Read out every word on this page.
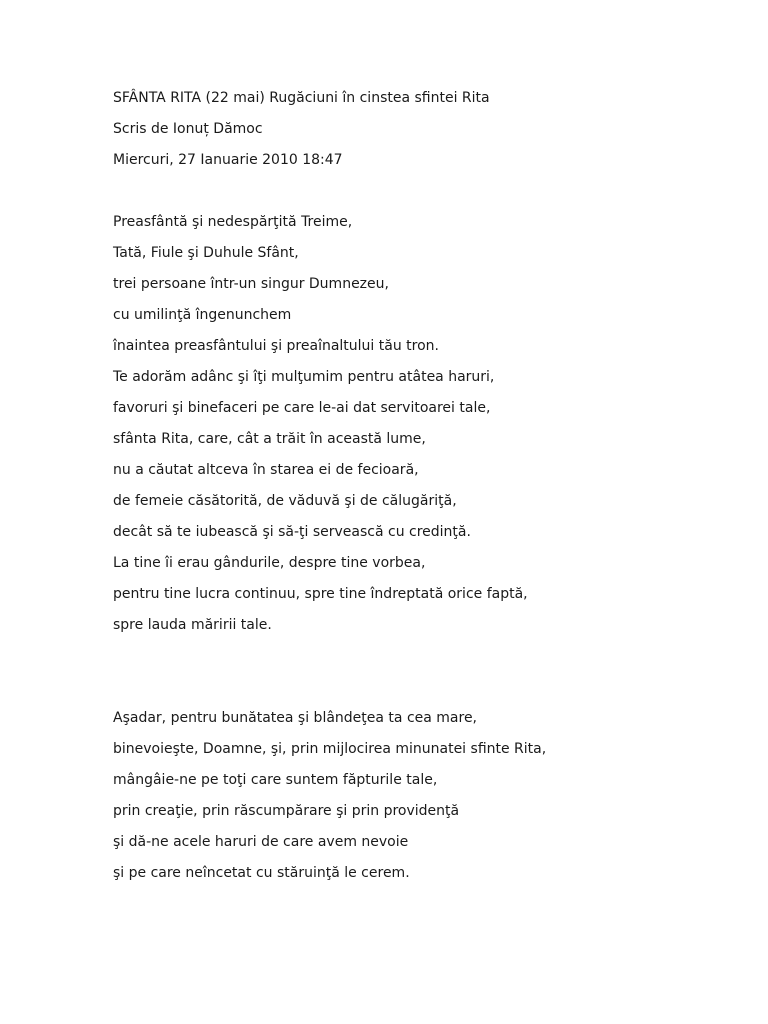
SFÂNTA RITA (22 mai) Rugăciuni în cinstea sfintei Rita

Scris de Ionuț Dămoc

Miercuri, 27 Ianuarie 2010 18:47

Preasfântă şi nedespărţită Treime,

Tată, Fiule şi Duhule Sfânt,

trei persoane într-un singur Dumnezeu,

cu umilinţă îngenunchem

înaintea preasfântului şi preaînaltului tău tron.

Te adorăm adânc şi îţi mulţumim pentru atâtea haruri,

favoruri şi binefaceri pe care le-ai dat servitoarei tale,

sfânta Rita, care, cât a trăit în această lume,

nu a căutat altceva în starea ei de fecioară,

de femeie căsătorită, de văduvă şi de călugăriţă,

decât să te iubească şi să-ţi servească cu credinţă.

La tine îi erau gândurile, despre tine vorbea,

pentru tine lucra continuu, spre tine îndreptată orice faptă,

spre lauda măririi tale.

Aşadar, pentru bunătatea şi blândeţea ta cea mare,

binevoieşte, Doamne, şi, prin mijlocirea minunatei sfinte Rita,

mângâie-ne pe toţi care suntem făpturile tale,

prin creaţie, prin răscumpărare şi prin providenţă

şi dă-ne acele haruri de care avem nevoie

şi pe care neîncetat cu stăruinţă le cerem.
